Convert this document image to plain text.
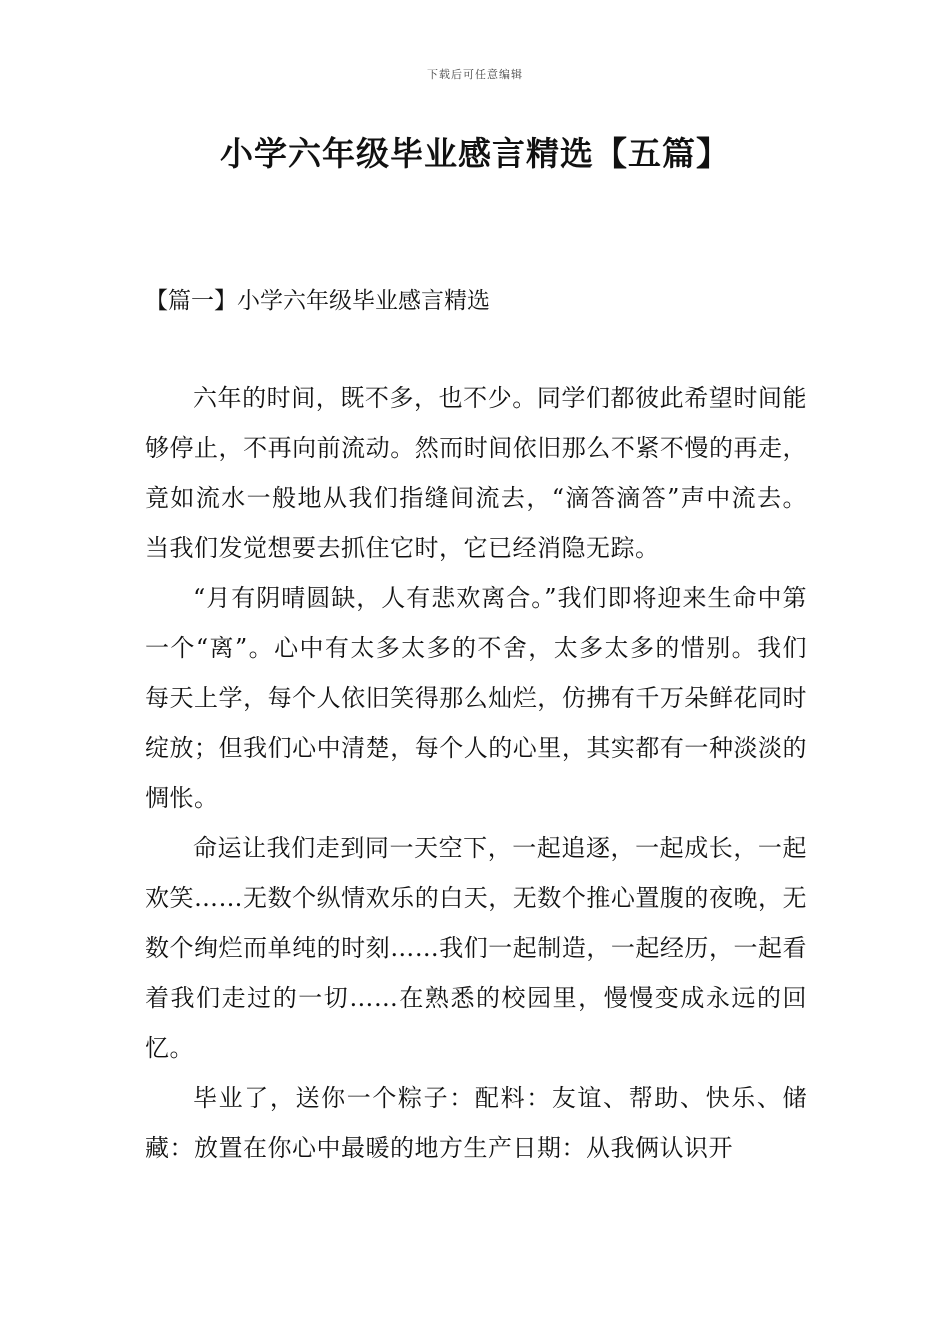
下载后可任意编辑
小学六年级毕业感言精选【五篇】
【篇一】小学六年级毕业感言精选

六年的时间，既不多，也不少。同学们都彼此希望时间能够停止，不再向前流动。然而时间依旧那么不紧不慢的再走，竟如流水一般地从我们指缝间流去，“滴答滴答”声中流去。当我们发觉想要去抓住它时，它已经消隐无踪。

“月有阴晴圆缺，人有悲欢离合。”我们即将迎来生命中第一个“离”。心中有太多太多的不舍，太多太多的惜别。我们每天上学，每个人依旧笑得那么灿烂，仿拂有千万朵鲜花同时绽放；但我们心中清楚，每个人的心里，其实都有一种淡淡的惆怅。

命运让我们走到同一天空下，一起追逐，一起成长，一起欢笑……无数个纵情欢乐的白天，无数个推心置腹的夜晚，无数个绚烂而单纯的时刻……我们一起制造，一起经历，一起看着我们走过的一切……在熟悉的校园里，慢慢变成永远的回忆。

毕业了，送你一个粽子：配料：友谊、帮助、快乐、储藏：放置在你心中最暖的地方生产日期：从我俩认识开
